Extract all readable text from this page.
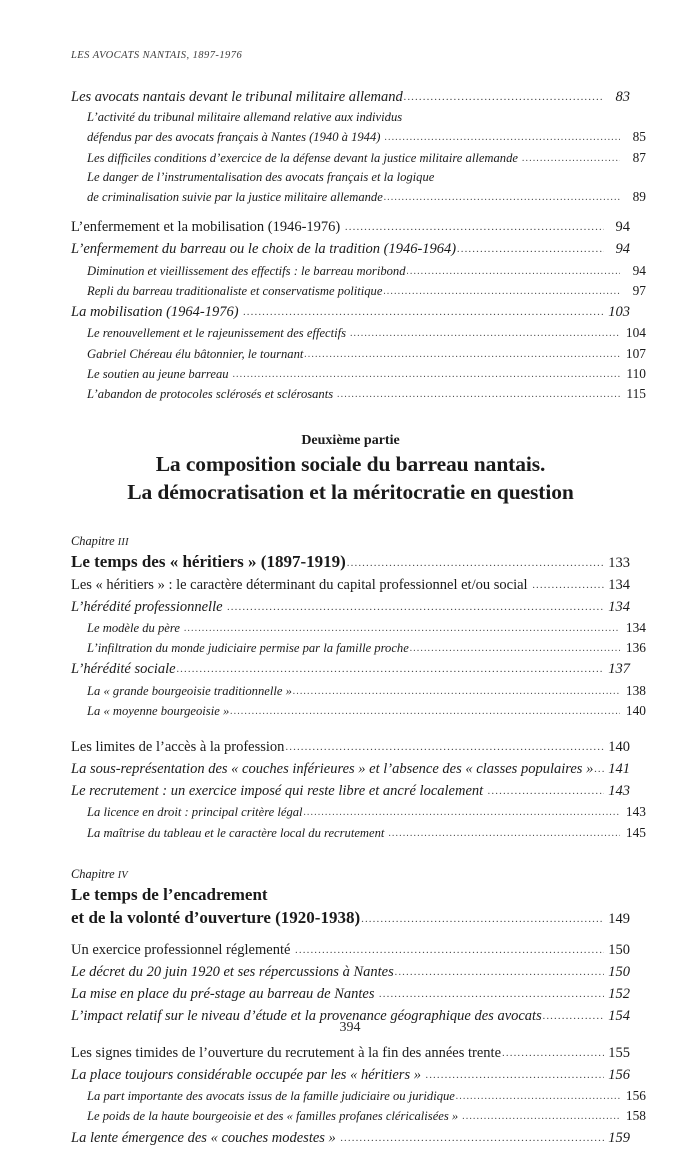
LES AVOCATS NANTAIS, 1897-1976
Les avocats nantais devant le tribunal militaire allemand .....	83
L’activité du tribunal militaire allemand relative aux individus
défendus par des avocats français à Nantes (1940 à 1944) .....	85
Les difficiles conditions d’exercice de la défense devant la justice militaire allemande .....	87
Le danger de l’instrumentalisation des avocats français et la logique
de criminalisation suivie par la justice militaire allemande .....	89
L’enfermement et la mobilisation (1946-1976) .....	94
L’enfermement du barreau ou le choix de la tradition (1946-1964) .....	94
Diminution et vieillissement des effectifs : le barreau moribond .....	94
Repli du barreau traditionaliste et conservatisme politique .....	97
La mobilisation (1964-1976) .....	103
Le renouvellement et le rajeunissement des effectifs .....	104
Gabriel Chéreau élu bâtonnier, le tournant .....	107
Le soutien au jeune barreau .....	110
L’abandon de protocoles sclérosés et sclérosants .....	115
Deuxième partie
La composition sociale du barreau nantais.
La démocratisation et la méritocratie en question
Chapitre III
Le temps des « héritiers » (1897-1919) .....	133
Les « héritiers » : le caractère déterminant du capital professionnel et/ou social .....	134
L’hérédité professionnelle .....	134
Le modèle du père .....	134
L’infiltration du monde judiciaire permise par la famille proche .....	136
L’hérédité sociale .....	137
La « grande bourgeoisie traditionnelle » .....	138
La « moyenne bourgeoisie » .....	140
Les limites de l’accès à la profession .....	140
La sous-représentation des « couches inférieures » et l’absence des « classes populaires » ..... 141
Le recrutement : un exercice imposé qui reste libre et ancré localement .....	143
La licence en droit : principal critère légal .....	143
La maîtrise du tableau et le caractère local du recrutement .....	145
Chapitre IV
Le temps de l’encadrement
et de la volonté d’ouverture (1920-1938) .....	149
Un exercice professionnel réglementé .....	150
Le décret du 20 juin 1920 et ses répercussions à Nantes .....	150
La mise en place du pré-stage au barreau de Nantes .....	152
L’impact relatif sur le niveau d’étude et la provenance géographique des avocats .....	154
Les signes timides de l’ouverture du recrutement à la fin des années trente .....	155
La place toujours considérable occupée par les « héritiers » .....	156
La part importante des avocats issus de la famille judiciaire ou juridique .....	156
Le poids de la haute bourgeoisie et des « familles profanes cléricalisées » .....	158
La lente émergence des « couches modestes » .....	159
394
